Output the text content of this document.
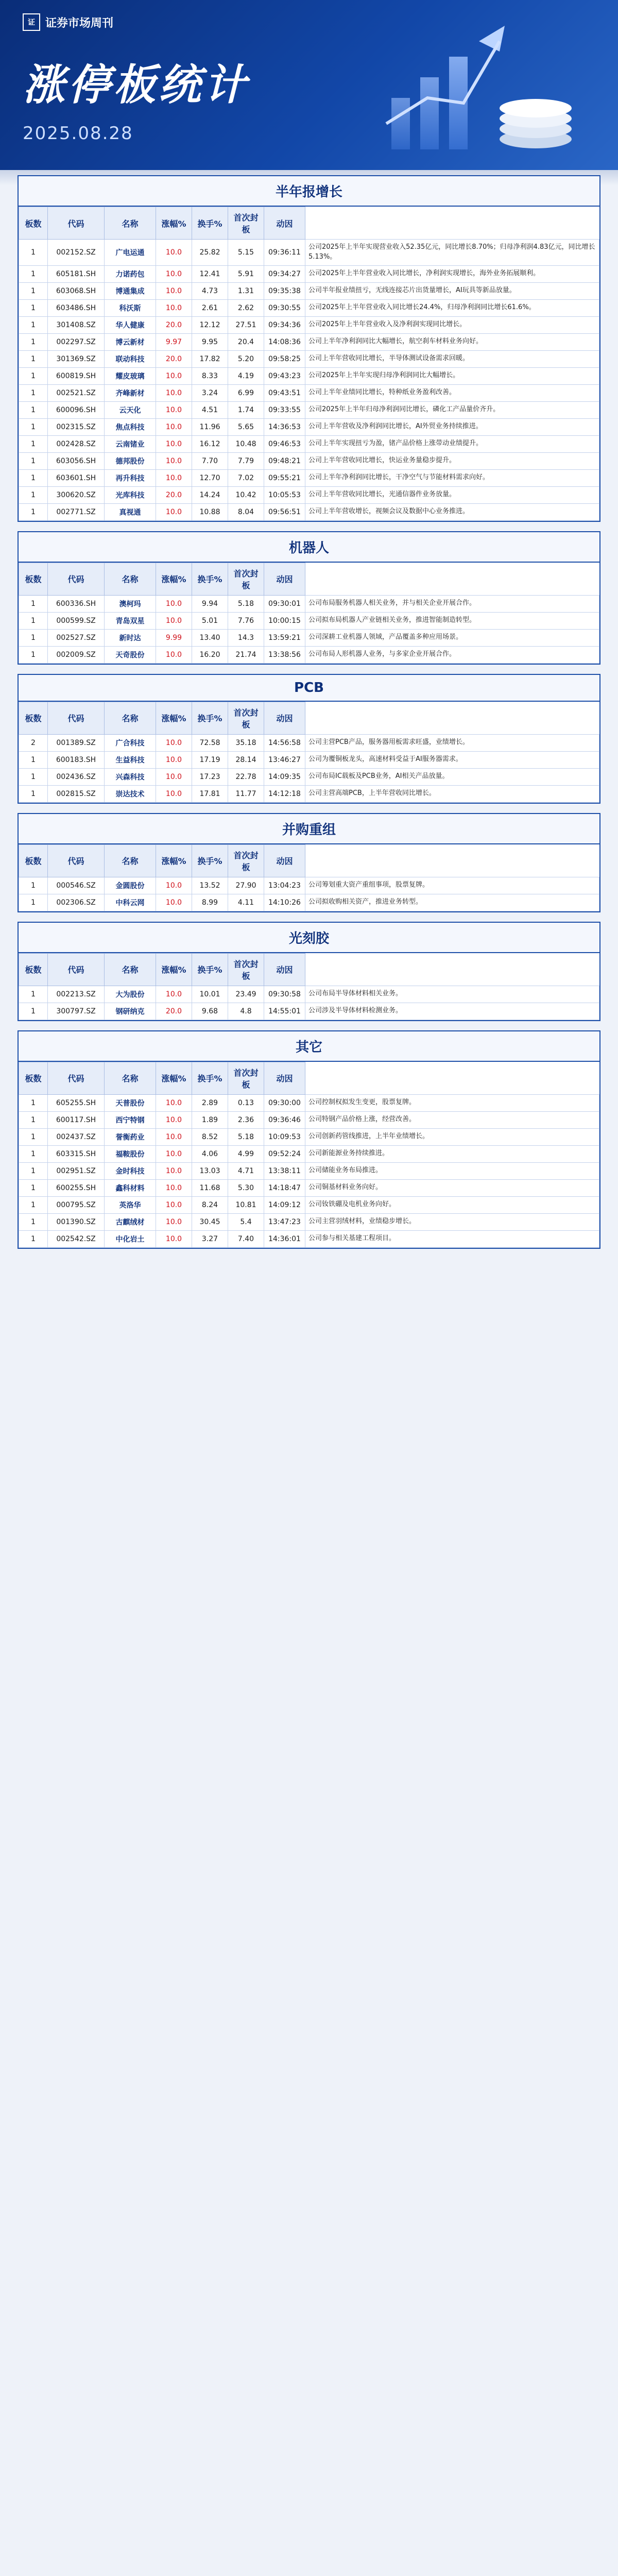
证 证券市场周刊
涨停板统计
2025.08.28
半年报增长
板数	代码	名称	涨幅%	换手%	首次封板	动因	
1	002152.SZ	广电运通	10.0	25.82	5.15	09:36:11	公司2025年上半年实现营业收入52.35亿元，同比增长8.70%；归母净利润4.83亿元，同比增长5.13%。
1	605181.SH	力诺药包	10.0	12.41	5.91	09:34:27	公司2025年上半年营业收入同比增长，净利润实现增长，海外业务拓展顺利。
1	603068.SH	博通集成	10.0	4.73	1.31	09:35:38	公司半年报业绩扭亏，无线连接芯片出货量增长，AI玩具等新品放量。
1	603486.SH	科沃斯	10.0	2.61	2.62	09:30:55	公司2025年上半年营业收入同比增长24.4%，归母净利润同比增长61.6%。
1	301408.SZ	华人健康	20.0	12.12	27.51	09:34:36	公司2025年上半年营业收入及净利润实现同比增长。
1	002297.SZ	博云新材	9.97	9.95	20.4	14:08:36	公司上半年净利润同比大幅增长，航空刹车材料业务向好。
1	301369.SZ	联动科技	20.0	17.82	5.20	09:58:25	公司上半年营收同比增长，半导体测试设备需求回暖。
1	600819.SH	耀皮玻璃	10.0	8.33	4.19	09:43:23	公司2025年上半年实现归母净利润同比大幅增长。
1	002521.SZ	齐峰新材	10.0	3.24	6.99	09:43:51	公司上半年业绩同比增长，特种纸业务盈利改善。
1	600096.SH	云天化	10.0	4.51	1.74	09:33:55	公司2025年上半年归母净利润同比增长，磷化工产品量价齐升。
1	002315.SZ	焦点科技	10.0	11.96	5.65	14:36:53	公司上半年营收及净利润同比增长，AI外贸业务持续推进。
1	002428.SZ	云南锗业	10.0	16.12	10.48	09:46:53	公司上半年实现扭亏为盈，锗产品价格上涨带动业绩提升。
1	603056.SH	德邦股份	10.0	7.70	7.79	09:48:21	公司上半年营收同比增长，快运业务量稳步提升。
1	603601.SH	再升科技	10.0	12.70	7.02	09:55:21	公司上半年净利润同比增长，干净空气与节能材料需求向好。
1	300620.SZ	光库科技	20.0	14.24	10.42	10:05:53	公司上半年营收同比增长，光通信器件业务放量。
1	002771.SZ	真视通	10.0	10.88	8.04	09:56:51	公司上半年营收增长，视频会议及数据中心业务推进。
机器人
板数	代码	名称	涨幅%	换手%	首次封板	动因	
1	600336.SH	澳柯玛	10.0	9.94	5.18	09:30:01	公司布局服务机器人相关业务，并与相关企业开展合作。
1	000599.SZ	青岛双星	10.0	5.01	7.76	10:00:15	公司拟布局机器人产业链相关业务，推进智能制造转型。
1	002527.SZ	新时达	9.99	13.40	14.3	13:59:21	公司深耕工业机器人领域，产品覆盖多种应用场景。
1	002009.SZ	天奇股份	10.0	16.20	21.74	13:38:56	公司布局人形机器人业务，与多家企业开展合作。
PCB
板数	代码	名称	涨幅%	换手%	首次封板	动因	
2	001389.SZ	广合科技	10.0	72.58	35.18	14:56:58	公司主营PCB产品，服务器用板需求旺盛，业绩增长。
1	600183.SH	生益科技	10.0	17.19	28.14	13:46:27	公司为覆铜板龙头，高速材料受益于AI服务器需求。
1	002436.SZ	兴森科技	10.0	17.23	22.78	14:09:35	公司布局IC载板及PCB业务，AI相关产品放量。
1	002815.SZ	崇达技术	10.0	17.81	11.77	14:12:18	公司主营高端PCB，上半年营收同比增长。
并购重组
板数	代码	名称	涨幅%	换手%	首次封板	动因	
1	000546.SZ	金圆股份	10.0	13.52	27.90	13:04:23	公司筹划重大资产重组事项，股票复牌。
1	002306.SZ	中科云网	10.0	8.99	4.11	14:10:26	公司拟收购相关资产，推进业务转型。
光刻胶
板数	代码	名称	涨幅%	换手%	首次封板	动因	
1	002213.SZ	大为股份	10.0	10.01	23.49	09:30:58	公司布局半导体材料相关业务。
1	300797.SZ	钢研纳克	20.0	9.68	4.8	14:55:01	公司涉及半导体材料检测业务。
其它
板数	代码	名称	涨幅%	换手%	首次封板	动因	
1	605255.SH	天普股份	10.0	2.89	0.13	09:30:00	公司控制权拟发生变更，股票复牌。
1	600117.SH	西宁特钢	10.0	1.89	2.36	09:36:46	公司特钢产品价格上涨，经营改善。
1	002437.SZ	誉衡药业	10.0	8.52	5.18	10:09:53	公司创新药管线推进，上半年业绩增长。
1	603315.SH	福鞍股份	10.0	4.06	4.99	09:52:24	公司新能源业务持续推进。
1	002951.SZ	金时科技	10.0	13.03	4.71	13:38:11	公司储能业务布局推进。
1	600255.SH	鑫科材料	10.0	11.68	5.30	14:18:47	公司铜基材料业务向好。
1	000795.SZ	英洛华	10.0	8.24	10.81	14:09:12	公司钕铁硼及电机业务向好。
1	001390.SZ	古麒绒材	10.0	30.45	5.4	13:47:23	公司主营羽绒材料，业绩稳步增长。
1	002542.SZ	中化岩土	10.0	3.27	7.40	14:36:01	公司参与相关基建工程项目。
